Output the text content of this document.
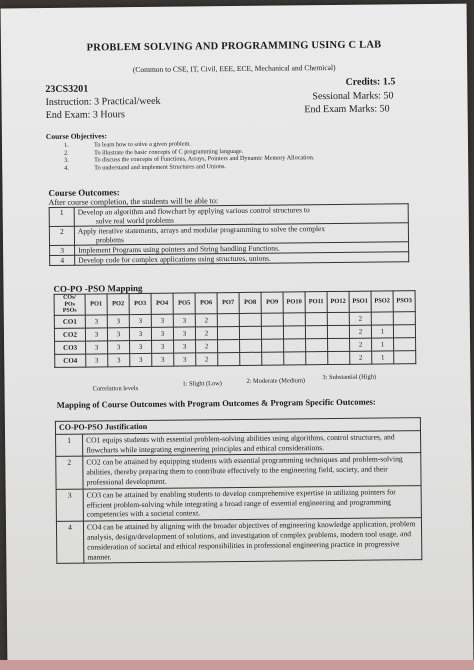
PROBLEM SOLVING AND PROGRAMMING USING C LAB
(Common to CSE, IT, Civil, EEE, ECE, Mechanical and Chemical)
23CS3201
Credits: 1.5
Instruction: 3 Practical/week	Sessional Marks: 50
End Exam: 3 Hours	End Exam Marks: 50
Course Objectives:
1.	To learn how to solve a given problem.
2.	To illustrate the basic concepts of C programming language.
3.	To discuss the concepts of Functions, Arrays, Pointers and Dynamic Memory Allocation.
4.	To understand and implement Structures and Unions.
Course Outcomes:
After course completion, the students will be able to:
1	Develop an algorithm and flowchart by applying various control structures to
solve real world problems

2	Apply iterative statements, arrays and modular programming to solve the complex
problems

3	Implement Programs using pointers and String handling Functions.
4	Develop code for complex applications using structures, unions.
CO-PO -PSO Mapping
COs/
POs
PSOs	PO1	PO2	PO3	PO4	PO5	PO6	PO7	PO8	PO9	PO10	PO11	PO12	PSO1	PSO2	PSO3
CO1	3	3	3	3	3	2							2		
CO2	3	3	3	3	3	2							2	1	
CO3	3	3	3	3	3	2							2	1	
CO4	3	3	3	3	3	2							2	1	
Correlation levels
1: Slight (Low)	2: Moderate (Medium)	3: Substantial (High)
Mapping of Course Outcomes with Program Outcomes & Program Specific Outcomes:
CO-PO-PSO Justification	
1	CO1 equips students with essential problem-solving abilities using algorithms, control structures, and flowcharts while integrating engineering principles and ethical considerations.
2	CO2 can be attained by equipping students with essential programming techniques and problem-solving abilities, thereby preparing them to contribute effectively to the engineering field, society, and their professional development.
3	CO3 can be attained by enabling students to develop comprehensive expertise in utilizing pointers for efficient problem-solving while integrating a broad range of essential engineering and programming competencies with a societal context.
4	CO4 can be attained by aligning with the broader objectives of engineering knowledge application, problem analysis, design/development of solutions, and investigation of complex problems, modern tool usage, and consideration of societal and ethical responsibilities in professional engineering practice in progressive manner.
